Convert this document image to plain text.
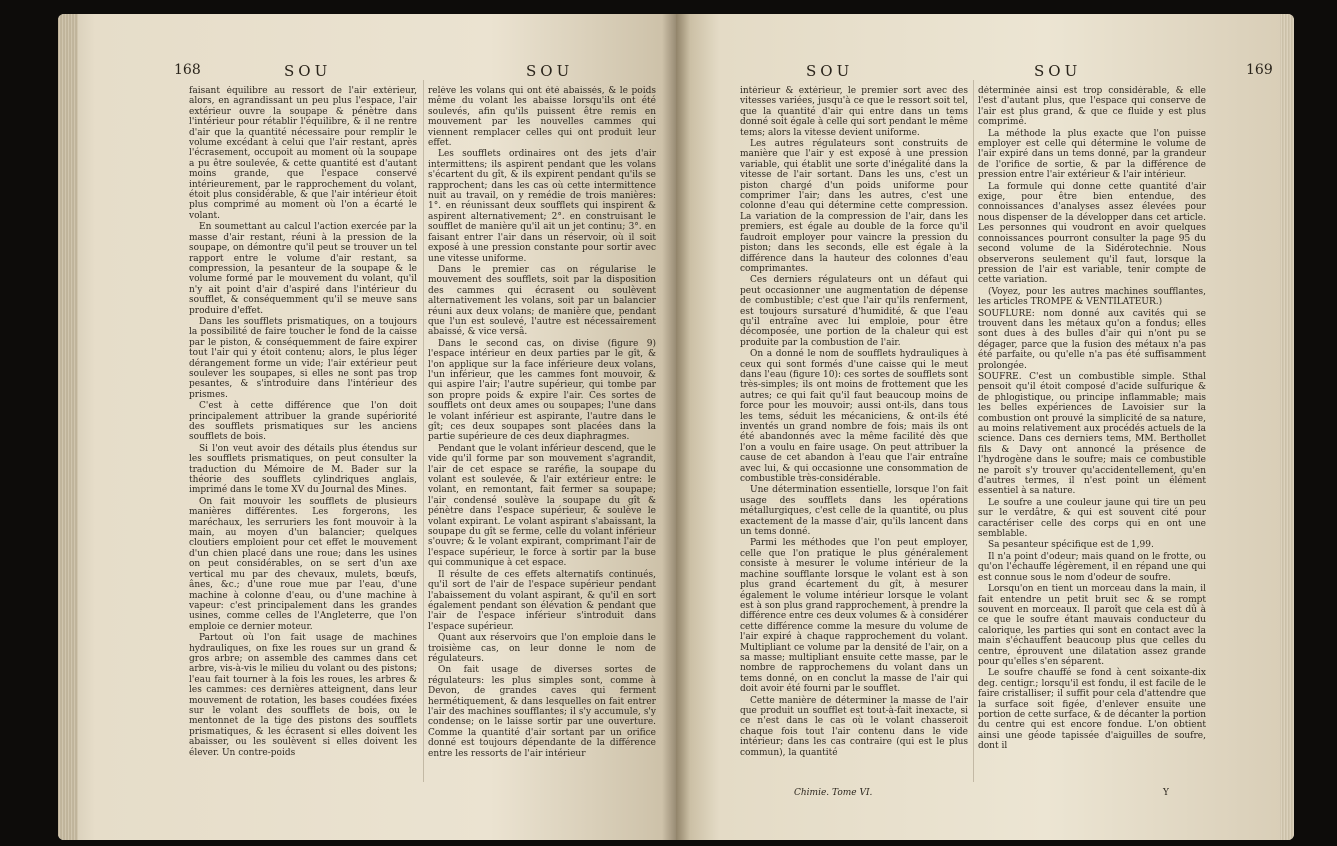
168	SOU	SOU

faisant équilibre au ressort de l'air extérieur, alors, en agrandissant un peu plus l'espace, l'air extérieur ouvre la soupape & pénètre dans l'intérieur pour rétablir l'équilibre, & il ne rentre d'air que la quantité nécessaire pour remplir le volume excédant à celui que l'air restant, après l'écrasement, occupoit au moment où la soupape a pu être soulevée, & cette quantité est d'autant moins grande, que l'espace conservé intérieurement, par le rapprochement du volant, étoit plus considérable, & que l'air intérieur étoit plus comprimé au moment où l'on a écarté le volant.

En soumettant au calcul l'action exercée par la masse d'air restant, réuni à la pression de la soupape, on démontre qu'il peut se trouver un tel rapport entre le volume d'air restant, sa compression, la pesanteur de la soupape & le volume formé par le mouvement du volant, qu'il n'y ait point d'air d'aspiré dans l'intérieur du soufflet, & conséquemment qu'il se meuve sans produire d'effet.

Dans les soufflets prismatiques, on a toujours la possibilité de faire toucher le fond de la caisse par le piston, & conséquemment de faire expirer tout l'air qui y étoit contenu; alors, le plus léger dérangement forme un vide; l'air extérieur peut soulever les soupapes, si elles ne sont pas trop pesantes, & s'introduire dans l'intérieur des prismes.

C'est à cette différence que l'on doit principalement attribuer la grande supériorité des soufflets prismatiques sur les anciens soufflets de bois.

Si l'on veut avoir des détails plus étendus sur les soufflets prismatiques, on peut consulter la traduction du Mémoire de M. Bader sur la théorie des soufflets cylindriques anglais, imprimé dans le tome XV du Journal des Mines.

On fait mouvoir les soufflets de plusieurs manières différentes. Les forgerons, les maréchaux, les serruriers les font mouvoir à la main, au moyen d'un balancier; quelques cloutiers emploient pour cet effet le mouvement d'un chien placé dans une roue; dans les usines on peut considérables, on se sert d'un axe vertical mu par des chevaux, mulets, bœufs, ânes, &c.; d'une roue mue par l'eau, d'une machine à colonne d'eau, ou d'une machine à vapeur: c'est principalement dans les grandes usines, comme celles de l'Angleterre, que l'on emploie ce dernier moteur.

Partout où l'on fait usage de machines hydrauliques, on fixe les roues sur un grand & gros arbre; on assemble des cammes dans cet arbre, vis-à-vis le milieu du volant ou des pistons; l'eau fait tourner à la fois les roues, les arbres & les cammes: ces dernières atteignent, dans leur mouvement de rotation, les bases coudées fixées sur le volant des soufflets de bois, ou le mentonnet de la tige des pistons des soufflets prismatiques, & les écrasent si elles doivent les abaisser, ou les soulèvent si elles doivent les élever. Un contre-poids

relève les volans qui ont été abaissés, & le poids même du volant les abaisse lorsqu'ils ont été soulevés, afin qu'ils puissent être remis en mouvement par les nouvelles cammes qui viennent remplacer celles qui ont produit leur effet.

Les soufflets ordinaires ont des jets d'air intermittens; ils aspirent pendant que les volans s'écartent du gît, & ils expirent pendant qu'ils se rapprochent; dans les cas où cette intermittence nuit au travail, on y remédie de trois manières: 1°. en réunissant deux soufflets qui inspirent & aspirent alternativement; 2°. en construisant le soufflet de manière qu'il ait un jet continu; 3°. en faisant entrer l'air dans un réservoir, où il soit exposé à une pression constante pour sortir avec une vitesse uniforme.

Dans le premier cas on régularise le mouvement des soufflets, soit par la disposition des cammes qui écrasent ou soulèvent alternativement les volans, soit par un balancier réuni aux deux volans; de manière que, pendant que l'un est soulevé, l'autre est nécessairement abaissé, & vice versâ.

Dans le second cas, on divise (figure 9) l'espace intérieur en deux parties par le gît, & l'on applique sur la face inférieure deux volans, l'un inférieur, que les cammes font mouvoir, & qui aspire l'air; l'autre supérieur, qui tombe par son propre poids & expire l'air. Ces sortes de soufflets ont deux ames ou soupapes; l'une dans le volant inférieur est aspirante, l'autre dans le gît; ces deux soupapes sont placées dans la partie supérieure de ces deux diaphragmes.

Pendant que le volant inférieur descend, que le vide qu'il forme par son mouvement s'agrandit, l'air de cet espace se raréfie, la soupape du volant est soulevée, & l'air extérieur entre: le volant, en remontant, fait fermer sa soupape; l'air condensé soulève la soupape du gît & pénètre dans l'espace supérieur, & soulève le volant expirant. Le volant aspirant s'abaissant, la soupape du gît se ferme, celle du volant inférieur s'ouvre; & le volant expirant, comprimant l'air de l'espace supérieur, le force à sortir par la buse qui communique à cet espace.

Il résulte de ces effets alternatifs continués, qu'il sort de l'air de l'espace supérieur pendant l'abaissement du volant aspirant, & qu'il en sort également pendant son élévation & pendant que l'air de l'espace inférieur s'introduit dans l'espace supérieur.

Quant aux réservoirs que l'on emploie dans le troisième cas, on leur donne le nom de régulateurs.

On fait usage de diverses sortes de régulateurs: les plus simples sont, comme à Devon, de grandes caves qui ferment hermétiquement, & dans lesquelles on fait entrer l'air des machines soufflantes; il s'y accumule, s'y condense; on le laisse sortir par une ouverture. Comme la quantité d'air sortant par un orifice donné est toujours dépendante de la différence entre les ressorts de l'air intérieur

SOU	SOU	169

intérieur & extérieur, le premier sort avec des vitesses variées, jusqu'à ce que le ressort soit tel, que la quantité d'air qui entre dans un tems donné soit égale à celle qui sort pendant le même tems; alors la vitesse devient uniforme.

Les autres régulateurs sont construits de manière que l'air y est exposé à une pression variable, qui établit une sorte d'inégalité dans la vitesse de l'air sortant. Dans les uns, c'est un piston chargé d'un poids uniforme pour comprimer l'air; dans les autres, c'est une colonne d'eau qui détermine cette compression. La variation de la compression de l'air, dans les premiers, est égale au double de la force qu'il faudroit employer pour vaincre la pression du piston; dans les seconds, elle est égale à la différence dans la hauteur des colonnes d'eau comprimantes.

Ces derniers régulateurs ont un défaut qui peut occasionner une augmentation de dépense de combustible; c'est que l'air qu'ils renferment, est toujours sursaturé d'humidité, & que l'eau qu'il entraîne avec lui emploie, pour être décomposée, une portion de la chaleur qui est produite par la combustion de l'air.

On a donné le nom de soufflets hydrauliques à ceux qui sont formés d'une caisse qui le meut dans l'eau (figure 10): ces sortes de soufflets sont très-simples; ils ont moins de frottement que les autres; ce qui fait qu'il faut beaucoup moins de force pour les mouvoir; aussi ont-ils, dans tous les tems, séduit les mécaniciens, & ont-ils été inventés un grand nombre de fois; mais ils ont été abandonnés avec la même facilité dès que l'on a voulu en faire usage. On peut attribuer la cause de cet abandon à l'eau que l'air entraîne avec lui, & qui occasionne une consommation de combustible très-considérable.

Une détermination essentielle, lorsque l'on fait usage des soufflets dans les opérations métallurgiques, c'est celle de la quantité, ou plus exactement de la masse d'air, qu'ils lancent dans un tems donné.

Parmi les méthodes que l'on peut employer, celle que l'on pratique le plus généralement consiste à mesurer le volume intérieur de la machine soufflante lorsque le volant est à son plus grand écartement du gît, à mesurer également le volume intérieur lorsque le volant est à son plus grand rapprochement, à prendre la différence entre ces deux volumes & à considérer cette différence comme la mesure du volume de l'air expiré à chaque rapprochement du volant. Multipliant ce volume par la densité de l'air, on a sa masse; multipliant ensuite cette masse, par le nombre de rapprochemens du volant dans un tems donné, on en conclut la masse de l'air qui doit avoir été fourni par le soufflet.

Cette manière de déterminer la masse de l'air que produit un soufflet est tout-à-fait inexacte, si ce n'est dans le cas où le volant chasseroit chaque fois tout l'air contenu dans le vide intérieur; dans les cas contraire (qui est le plus commun), la quantité

déterminée ainsi est trop considérable, & elle l'est d'autant plus, que l'espace qui conserve de l'air est plus grand, & que ce fluide y est plus comprimé.

La méthode la plus exacte que l'on puisse employer est celle qui détermine le volume de l'air expiré dans un tems donné, par la grandeur de l'orifice de sortie, & par la différence de pression entre l'air extérieur & l'air intérieur.

La formule qui donne cette quantité d'air exige, pour être bien entendue, des connoissances d'analyses assez élevées pour nous dispenser de la développer dans cet article. Les personnes qui voudront en avoir quelques connoissances pourront consulter la page 95 du second volume de la Sidérotechnie. Nous observerons seulement qu'il faut, lorsque la pression de l'air est variable, tenir compte de cette variation.

(Voyez, pour les autres machines soufflantes, les articles TROMPE & VENTILATEUR.)

SOUFLURE: nom donné aux cavités qui se trouvent dans les métaux qu'on a fondus; elles sont dues à des bulles d'air qui n'ont pu se dégager, parce que la fusion des métaux n'a pas été parfaite, ou qu'elle n'a pas été suffisamment prolongée.

SOUFRE. C'est un combustible simple. Sthal pensoit qu'il étoit composé d'acide sulfurique & de phlogistique, ou principe inflammable; mais les belles expériences de Lavoisier sur la combustion ont prouvé la simplicité de sa nature, au moins relativement aux procédés actuels de la science. Dans ces derniers tems, MM. Berthollet fils & Davy ont annoncé la présence de l'hydrogène dans le soufre; mais ce combustible ne paroît s'y trouver qu'accidentellement, qu'en d'autres termes, il n'est point un élément essentiel à sa nature.

Le soufre a une couleur jaune qui tire un peu sur le verdâtre, & qui est souvent cité pour caractériser celle des corps qui en ont une semblable.

Sa pesanteur spécifique est de 1,99.

Il n'a point d'odeur; mais quand on le frotte, ou qu'on l'échauffe légèrement, il en répand une qui est connue sous le nom d'odeur de soufre.

Lorsqu'on en tient un morceau dans la main, il fait entendre un petit bruit sec & se rompt souvent en morceaux. Il paroît que cela est dû à ce que le soufre étant mauvais conducteur du calorique, les parties qui sont en contact avec la main s'échauffent beaucoup plus que celles du centre, éprouvent une dilatation assez grande pour qu'elles s'en séparent.

Le soufre chauffé se fond à cent soixante-dix deg. centigr.; lorsqu'il est fondu, il est facile de le faire cristalliser; il suffit pour cela d'attendre que la surface soit figée, d'enlever ensuite une portion de cette surface, & de décanter la portion du centre qui est encore fondue. L'on obtient ainsi une géode tapissée d'aiguilles de soufre, dont il

Chimie. Tome VI.	Y
